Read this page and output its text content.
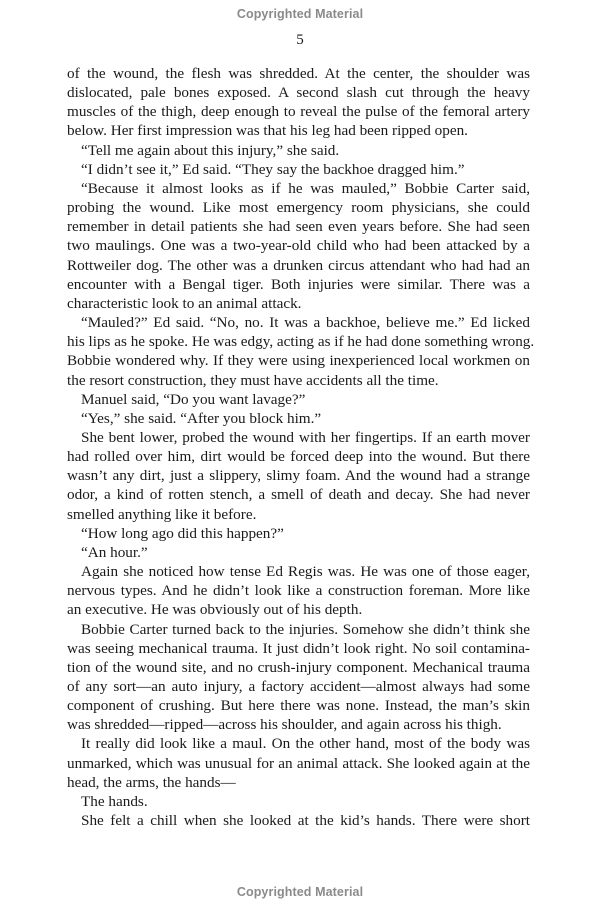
Copyrighted Material
5
of the wound, the flesh was shredded. At the center, the shoulder was
dislocated, pale bones exposed. A second slash cut through the heavy
muscles of the thigh, deep enough to reveal the pulse of the femoral artery
below. Her first impression was that his leg had been ripped open.
“Tell me again about this injury,” she said.
“I didn’t see it,” Ed said. “They say the backhoe dragged him.”
“Because it almost looks as if he was mauled,” Bobbie Carter said,
probing the wound. Like most emergency room physicians, she could
remember in detail patients she had seen even years before. She had seen
two maulings. One was a two-year-old child who had been attacked by a
Rottweiler dog. The other was a drunken circus attendant who had had an
encounter with a Bengal tiger. Both injuries were similar. There was a
characteristic look to an animal attack.
“Mauled?” Ed said. “No, no. It was a backhoe, believe me.” Ed licked
his lips as he spoke. He was edgy, acting as if he had done something wrong.
Bobbie wondered why. If they were using inexperienced local workmen on
the resort construction, they must have accidents all the time.
Manuel said, “Do you want lavage?”
“Yes,” she said. “After you block him.”
She bent lower, probed the wound with her fingertips. If an earth mover
had rolled over him, dirt would be forced deep into the wound. But there
wasn’t any dirt, just a slippery, slimy foam. And the wound had a strange
odor, a kind of rotten stench, a smell of death and decay. She had never
smelled anything like it before.
“How long ago did this happen?”
“An hour.”
Again she noticed how tense Ed Regis was. He was one of those eager,
nervous types. And he didn’t look like a construction foreman. More like
an executive. He was obviously out of his depth.
Bobbie Carter turned back to the injuries. Somehow she didn’t think she
was seeing mechanical trauma. It just didn’t look right. No soil contamina-
tion of the wound site, and no crush-injury component. Mechanical trauma
of any sort—an auto injury, a factory accident—almost always had some
component of crushing. But here there was none. Instead, the man’s skin
was shredded—ripped—across his shoulder, and again across his thigh.
It really did look like a maul. On the other hand, most of the body was
unmarked, which was unusual for an animal attack. She looked again at the
head, the arms, the hands—
The hands.
She felt a chill when she looked at the kid’s hands. There were short
Copyrighted Material
